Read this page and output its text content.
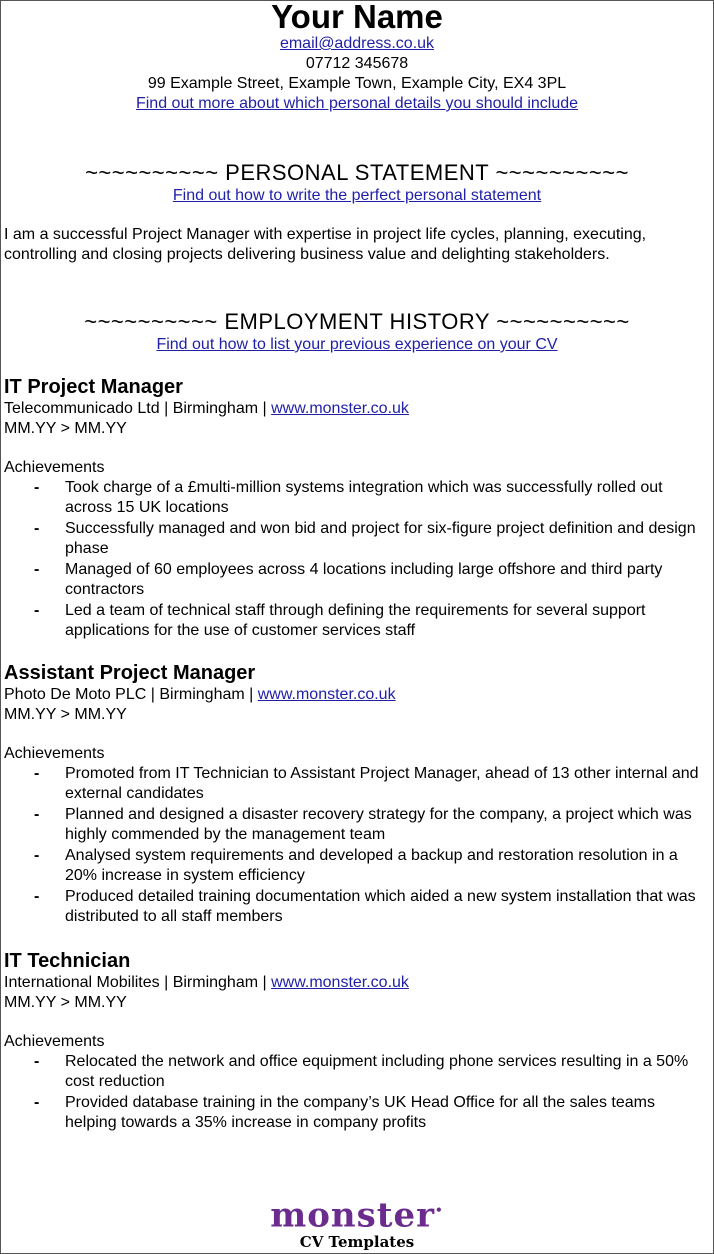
Your Name
email@address.co.uk
07712 345678
99 Example Street, Example Town, Example City, EX4 3PL
Find out more about which personal details you should include
~~~~~~~~~~ PERSONAL STATEMENT ~~~~~~~~~~
Find out how to write the perfect personal statement
I am a successful Project Manager with expertise in project life cycles, planning, executing, controlling and closing projects delivering business value and delighting stakeholders.
~~~~~~~~~~ EMPLOYMENT HISTORY ~~~~~~~~~~
Find out how to list your previous experience on your CV
IT Project Manager
Telecommunicado Ltd | Birmingham | www.monster.co.uk
MM.YY > MM.YY
Achievements
- Took charge of a £multi-million systems integration which was successfully rolled out across 15 UK locations
- Successfully managed and won bid and project for six-figure project definition and design phase
- Managed of 60 employees across 4 locations including large offshore and third party contractors
- Led a team of technical staff through defining the requirements for several support applications for the use of customer services staff
Assistant Project Manager
Photo De Moto PLC | Birmingham | www.monster.co.uk
MM.YY > MM.YY
Achievements
- Promoted from IT Technician to Assistant Project Manager, ahead of 13 other internal and external candidates
- Planned and designed a disaster recovery strategy for the company, a project which was highly commended by the management team
- Analysed system requirements and developed a backup and restoration resolution in a 20% increase in system efficiency
- Produced detailed training documentation which aided a new system installation that was distributed to all staff members
IT Technician
International Mobilites | Birmingham | www.monster.co.uk
MM.YY > MM.YY
Achievements
- Relocated the network and office equipment including phone services resulting in a 50% cost reduction
- Provided database training in the company’s UK Head Office for all the sales teams helping towards a 35% increase in company profits
monster•
CV Templates
